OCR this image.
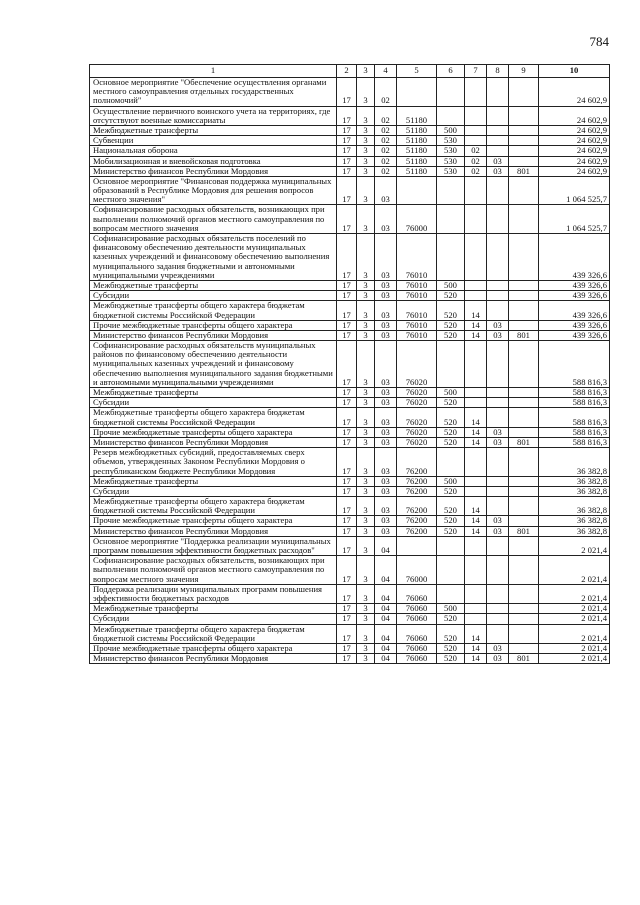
784
1	2	3	4	5	6	7	8	9	10
Основное мероприятие "Обеспечение осуществления органами местного самоуправления отдельных государственных полномочий"	17	3	02						24 602,9
Осуществление первичного воинского учета на территориях, где отсутствуют военные комиссариаты	17	3	02	51180					24 602,9
Межбюджетные трансферты	17	3	02	51180	500				24 602,9
Субвенции	17	3	02	51180	530				24 602,9
Национальная оборона	17	3	02	51180	530	02			24 602,9
Мобилизационная и вневойсковая подготовка	17	3	02	51180	530	02	03		24 602,9
Министерство финансов Республики Мордовия	17	3	02	51180	530	02	03	801	24 602,9
Основное мероприятие "Финансовая поддержка муниципальных образований в Республике Мордовия для решения вопросов местного значения"	17	3	03						1 064 525,7
Софинансирование расходных обязательств, возникающих при выполнении полномочий органов местного самоуправления по вопросам местного значения	17	3	03	76000					1 064 525,7
Софинансирование расходных обязательств поселений по финансовому обеспечению деятельности муниципальных казенных учреждений и финансовому обеспечению выполнения муниципального задания бюджетными и автономными муниципальными учреждениями	17	3	03	76010					439 326,6
Межбюджетные трансферты	17	3	03	76010	500				439 326,6
Субсидии	17	3	03	76010	520				439 326,6
Межбюджетные трансферты общего характера бюджетам бюджетной системы Российской Федерации	17	3	03	76010	520	14			439 326,6
Прочие межбюджетные трансферты общего характера	17	3	03	76010	520	14	03		439 326,6
Министерство финансов Республики Мордовия	17	3	03	76010	520	14	03	801	439 326,6
Софинансирование расходных обязательств муниципальных районов по финансовому обеспечению деятельности муниципальных казенных учреждений и финансовому обеспечению выполнения муниципального задания бюджетными и автономными муниципальными учреждениями	17	3	03	76020					588 816,3
Межбюджетные трансферты	17	3	03	76020	500				588 816,3
Субсидии	17	3	03	76020	520				588 816,3
Межбюджетные трансферты общего характера бюджетам бюджетной системы Российской Федерации	17	3	03	76020	520	14			588 816,3
Прочие межбюджетные трансферты общего характера	17	3	03	76020	520	14	03		588 816,3
Министерство финансов Республики Мордовия	17	3	03	76020	520	14	03	801	588 816,3
Резерв межбюджетных субсидий, предоставляемых сверх объемов, утвержденных Законом Республики Мордовия о республиканском бюджете Республики Мордовия	17	3	03	76200					36 382,8
Межбюджетные трансферты	17	3	03	76200	500				36 382,8
Субсидии	17	3	03	76200	520				36 382,8
Межбюджетные трансферты общего характера бюджетам бюджетной системы Российской Федерации	17	3	03	76200	520	14			36 382,8
Прочие межбюджетные трансферты общего характера	17	3	03	76200	520	14	03		36 382,8
Министерство финансов Республики Мордовия	17	3	03	76200	520	14	03	801	36 382,8
Основное мероприятие "Поддержка реализации муниципальных программ повышения эффективности бюджетных расходов"	17	3	04						2 021,4
Софинансирование расходных обязательств, возникающих при выполнении полномочий органов местного самоуправления по вопросам местного значения	17	3	04	76000					2 021,4
Поддержка реализации муниципальных программ повышения эффективности бюджетных расходов	17	3	04	76060					2 021,4
Межбюджетные трансферты	17	3	04	76060	500				2 021,4
Субсидии	17	3	04	76060	520				2 021,4
Межбюджетные трансферты общего характера бюджетам бюджетной системы Российской Федерации	17	3	04	76060	520	14			2 021,4
Прочие межбюджетные трансферты общего характера	17	3	04	76060	520	14	03		2 021,4
Министерство финансов Республики Мордовия	17	3	04	76060	520	14	03	801	2 021,4
